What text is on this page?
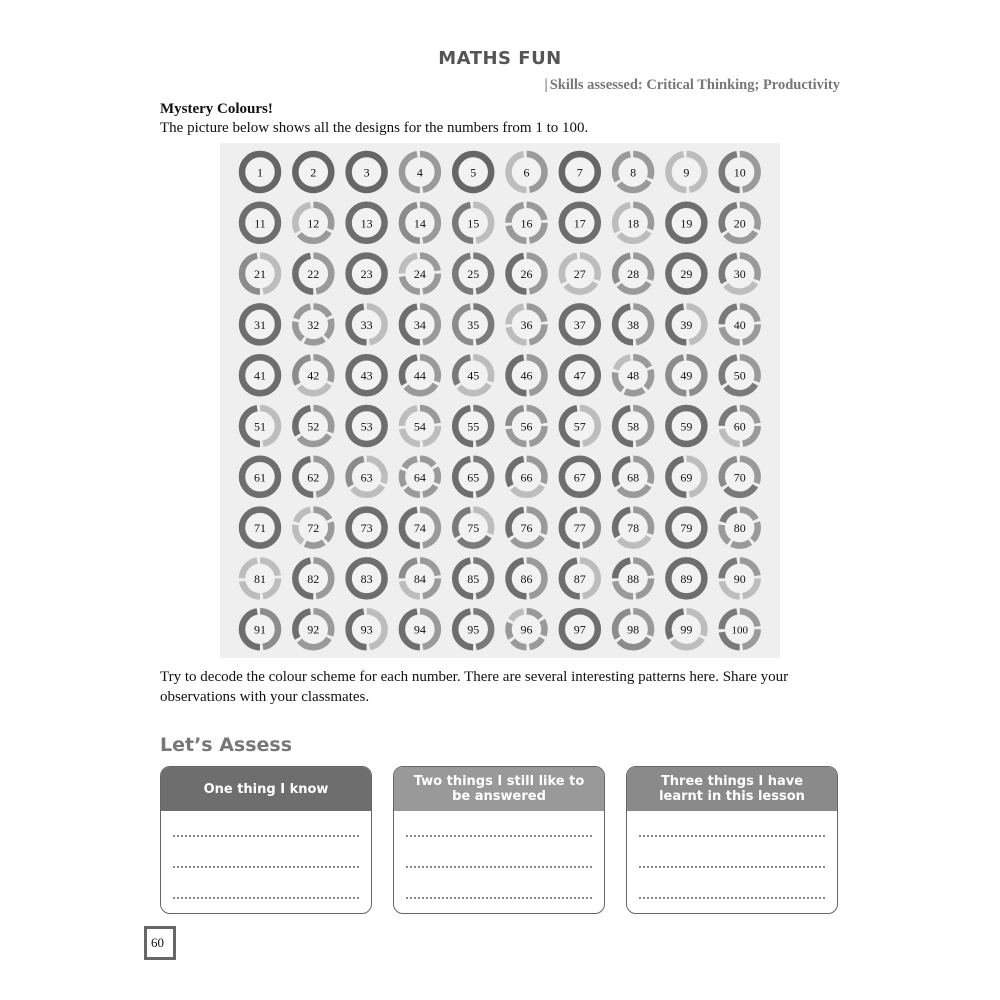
MATHS FUN
| Skills assessed: Critical Thinking; Productivity
Mystery Colours!
The picture below shows all the designs for the numbers from 1 to 100.
1	2	3	4	5	6	7	8	9	10
11	12	13	14	15	16	17	18	19	20
21	22	23	24	25	26	27	28	29	30
31	32	33	34	35	36	37	38	39	40
41	42	43	44	45	46	47	48	49	50
51	52	53	54	55	56	57	58	59	60
61	62	63	64	65	66	67	68	69	70
71	72	73	74	75	76	77	78	79	80
81	82	83	84	85	86	87	88	89	90
91	92	93	94	95	96	97	98	99	100
Try to decode the colour scheme for each number. There are several interesting patterns here. Share your observations with your classmates.
Let’s Assess
One thing I know	Two things I still like to be answered
Three things I have learnt in this lesson
60
